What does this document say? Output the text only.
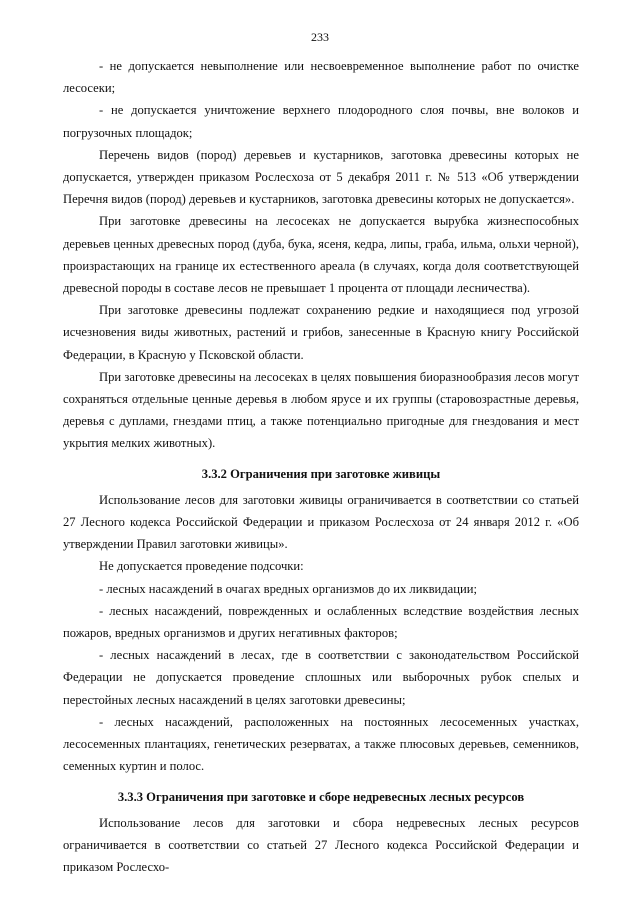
233

- не допускается невыполнение или несвоевременное выполнение работ по очистке лесосеки;

- не допускается уничтожение верхнего плодородного слоя почвы, вне волоков и погрузочных площадок;

Перечень видов (пород) деревьев и кустарников, заготовка древесины которых не допускается, утвержден приказом Рослесхоза от 5 декабря 2011 г. № 513 «Об утверждении Перечня видов (пород) деревьев и кустарников, заготовка древесины которых не допускается».

При заготовке древесины на лесосеках не допускается вырубка жизнеспособных деревьев ценных древесных пород (дуба, бука, ясеня, кедра, липы, граба, ильма, ольхи черной), произрастающих на границе их естественного ареала (в случаях, когда доля соответствующей древесной породы в составе лесов не превышает 1 процента от площади лесничества).

При заготовке древесины подлежат сохранению редкие и находящиеся под угрозой исчезновения виды животных, растений и грибов, занесенные в Красную книгу Российской Федерации, в Красную у Псковской области.

При заготовке древесины на лесосеках в целях повышения биоразнообразия лесов могут сохраняться отдельные ценные деревья в любом ярусе и их группы (старовозрастные деревья, деревья с дуплами, гнездами птиц, а также потенциально пригодные для гнездования и мест укрытия мелких животных).

3.3.2 Ограничения при заготовке живицы

Использование лесов для заготовки живицы ограничивается в соответствии со статьей 27 Лесного кодекса Российской Федерации и приказом Рослесхоза от 24 января 2012 г. «Об утверждении Правил заготовки живицы».

Не допускается проведение подсочки:

- лесных насаждений в очагах вредных организмов до их ликвидации;

- лесных насаждений, поврежденных и ослабленных вследствие воздействия лесных пожаров, вредных организмов и других негативных факторов;

- лесных насаждений в лесах, где в соответствии с законодательством Российской Федерации не допускается проведение сплошных или выборочных рубок спелых и перестойных лесных насаждений в целях заготовки древесины;

- лесных насаждений, расположенных на постоянных лесосеменных участках, лесосеменных плантациях, генетических резерватах, а также плюсовых деревьев, семенников, семенных куртин и полос.

3.3.3 Ограничения при заготовке и сборе недревесных лесных ресурсов

Использование лесов для заготовки и сбора недревесных лесных ресурсов ограничивается в соответствии со статьей 27 Лесного кодекса Российской Федерации и приказом Рослесхо-
